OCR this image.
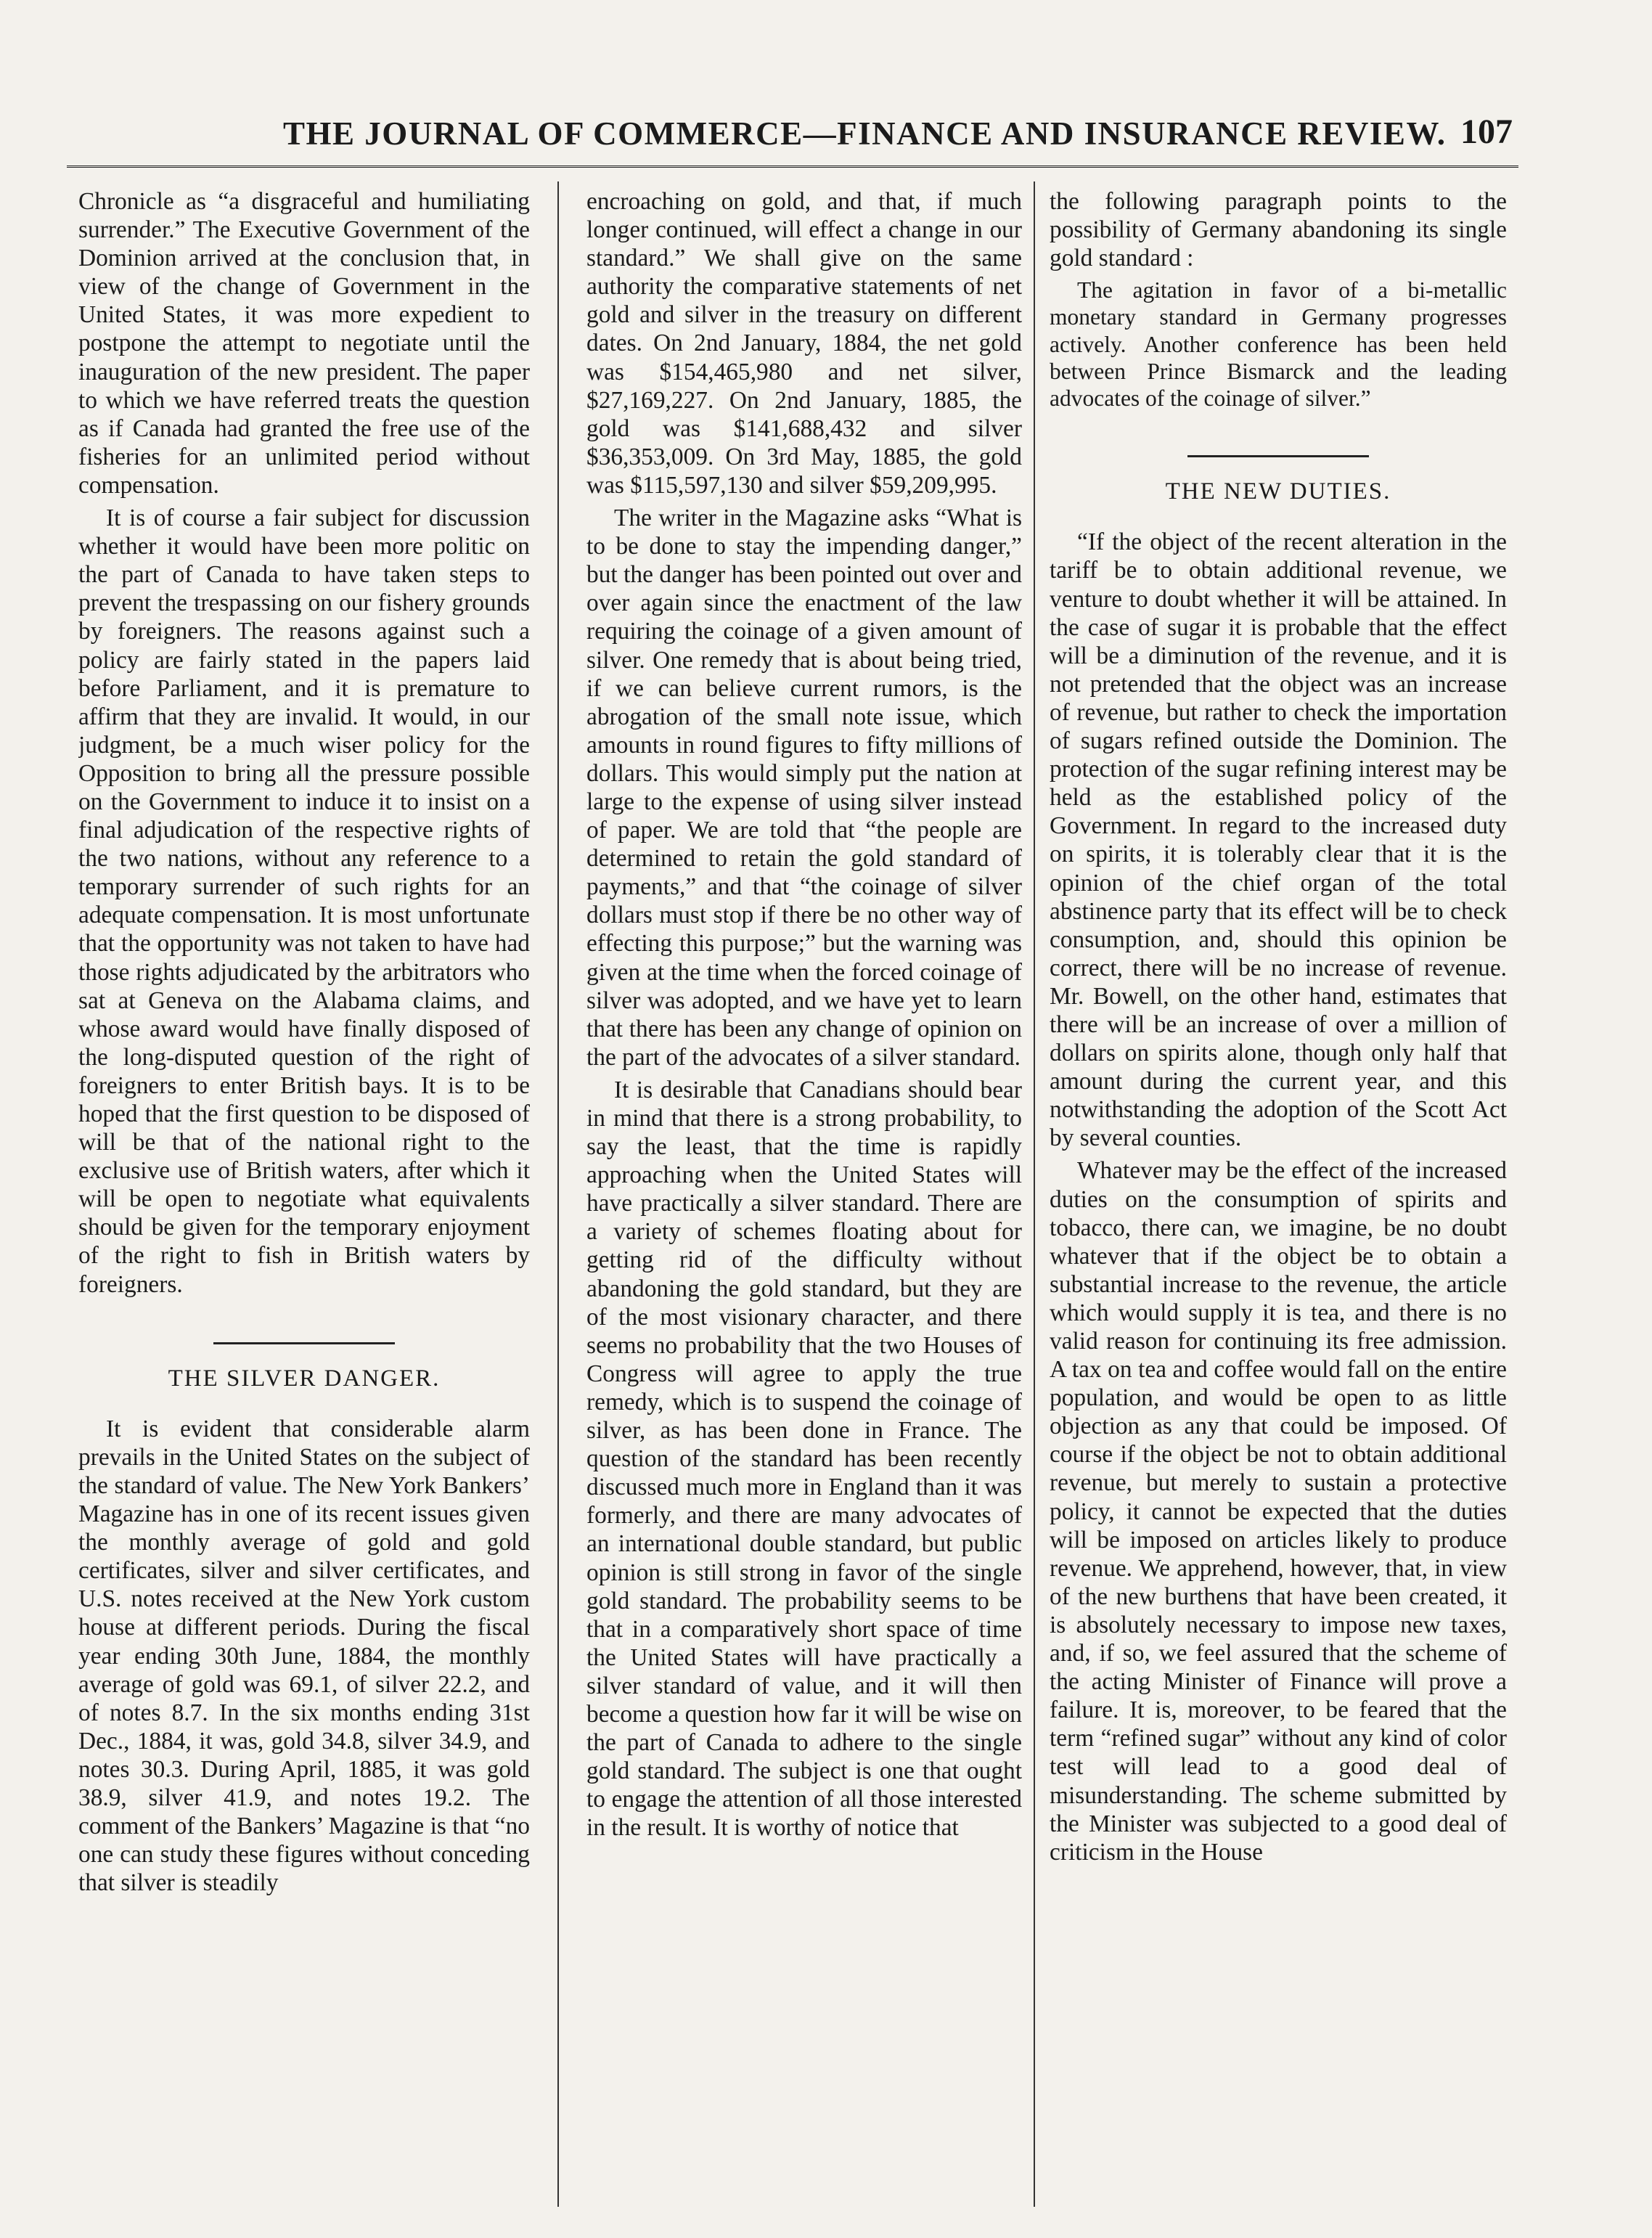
THE JOURNAL OF COMMERCE—FINANCE AND INSURANCE REVIEW. 107

Chronicle as “a disgraceful and humiliating surrender.” The Executive Government of the Dominion arrived at the conclusion that, in view of the change of Government in the United States, it was more expedient to postpone the attempt to negotiate until the inauguration of the new president. The paper to which we have referred treats the question as if Canada had granted the free use of the fisheries for an unlimited period without compensation.

It is of course a fair subject for discussion whether it would have been more politic on the part of Canada to have taken steps to prevent the trespassing on our fishery grounds by foreigners. The reasons against such a policy are fairly stated in the papers laid before Parliament, and it is premature to affirm that they are invalid. It would, in our judgment, be a much wiser policy for the Opposition to bring all the pressure possible on the Government to induce it to insist on a final adjudication of the respective rights of the two nations, without any reference to a temporary surrender of such rights for an adequate compensation. It is most unfortunate that the opportunity was not taken to have had those rights adjudicated by the arbitrators who sat at Geneva on the Alabama claims, and whose award would have finally disposed of the long-disputed question of the right of foreigners to enter British bays. It is to be hoped that the first question to be disposed of will be that of the national right to the exclusive use of British waters, after which it will be open to negotiate what equivalents should be given for the temporary enjoyment of the right to fish in British waters by foreigners.

THE SILVER DANGER.

It is evident that considerable alarm prevails in the United States on the subject of the standard of value. The New York Bankers’ Magazine has in one of its recent issues given the monthly average of gold and gold certificates, silver and silver certificates, and U.S. notes received at the New York custom house at different periods. During the fiscal year ending 30th June, 1884, the monthly average of gold was 69.1, of silver 22.2, and of notes 8.7. In the six months ending 31st Dec., 1884, it was, gold 34.8, silver 34.9, and notes 30.3. During April, 1885, it was gold 38.9, silver 41.9, and notes 19.2. The comment of the Bankers’ Magazine is that “no one can study these figures without conceding that silver is steadily

encroaching on gold, and that, if much longer continued, will effect a change in our standard.” We shall give on the same authority the comparative statements of net gold and silver in the treasury on different dates. On 2nd January, 1884, the net gold was $154,465,980 and net silver, $27,169,227. On 2nd January, 1885, the gold was $141,688,432 and silver $36,353,009. On 3rd May, 1885, the gold was $115,597,130 and silver $59,209,995.

The writer in the Magazine asks “What is to be done to stay the impending danger,” but the danger has been pointed out over and over again since the enactment of the law requiring the coinage of a given amount of silver. One remedy that is about being tried, if we can believe current rumors, is the abrogation of the small note issue, which amounts in round figures to fifty millions of dollars. This would simply put the nation at large to the expense of using silver instead of paper. We are told that “the people are determined to retain the gold standard of payments,” and that “the coinage of silver dollars must stop if there be no other way of effecting this purpose;” but the warning was given at the time when the forced coinage of silver was adopted, and we have yet to learn that there has been any change of opinion on the part of the advocates of a silver standard.

It is desirable that Canadians should bear in mind that there is a strong probability, to say the least, that the time is rapidly approaching when the United States will have practically a silver standard. There are a variety of schemes floating about for getting rid of the difficulty without abandoning the gold standard, but they are of the most visionary character, and there seems no probability that the two Houses of Congress will agree to apply the true remedy, which is to suspend the coinage of silver, as has been done in France. The question of the standard has been recently discussed much more in England than it was formerly, and there are many advocates of an international double standard, but public opinion is still strong in favor of the single gold standard. The probability seems to be that in a comparatively short space of time the United States will have practically a silver standard of value, and it will then become a question how far it will be wise on the part of Canada to adhere to the single gold standard. The subject is one that ought to engage the attention of all those interested in the result. It is worthy of notice that

the following paragraph points to the possibility of Germany abandoning its single gold standard :

The agitation in favor of a bi-metallic monetary standard in Germany progresses actively. Another conference has been held between Prince Bismarck and the leading advocates of the coinage of silver.”

THE NEW DUTIES.

“If the object of the recent alteration in the tariff be to obtain additional revenue, we venture to doubt whether it will be attained. In the case of sugar it is probable that the effect will be a diminution of the revenue, and it is not pretended that the object was an increase of revenue, but rather to check the importation of sugars refined outside the Dominion. The protection of the sugar refining interest may be held as the established policy of the Government. In regard to the increased duty on spirits, it is tolerably clear that it is the opinion of the chief organ of the total abstinence party that its effect will be to check consumption, and, should this opinion be correct, there will be no increase of revenue. Mr. Bowell, on the other hand, estimates that there will be an increase of over a million of dollars on spirits alone, though only half that amount during the current year, and this notwithstanding the adoption of the Scott Act by several counties.

Whatever may be the effect of the increased duties on the consumption of spirits and tobacco, there can, we imagine, be no doubt whatever that if the object be to obtain a substantial increase to the revenue, the article which would supply it is tea, and there is no valid reason for continuing its free admission. A tax on tea and coffee would fall on the entire population, and would be open to as little objection as any that could be imposed. Of course if the object be not to obtain additional revenue, but merely to sustain a protective policy, it cannot be expected that the duties will be imposed on articles likely to produce revenue. We apprehend, however, that, in view of the new burthens that have been created, it is absolutely necessary to impose new taxes, and, if so, we feel assured that the scheme of the acting Minister of Finance will prove a failure. It is, moreover, to be feared that the term “refined sugar” without any kind of color test will lead to a good deal of misunderstanding. The scheme submitted by the Minister was subjected to a good deal of criticism in the House
